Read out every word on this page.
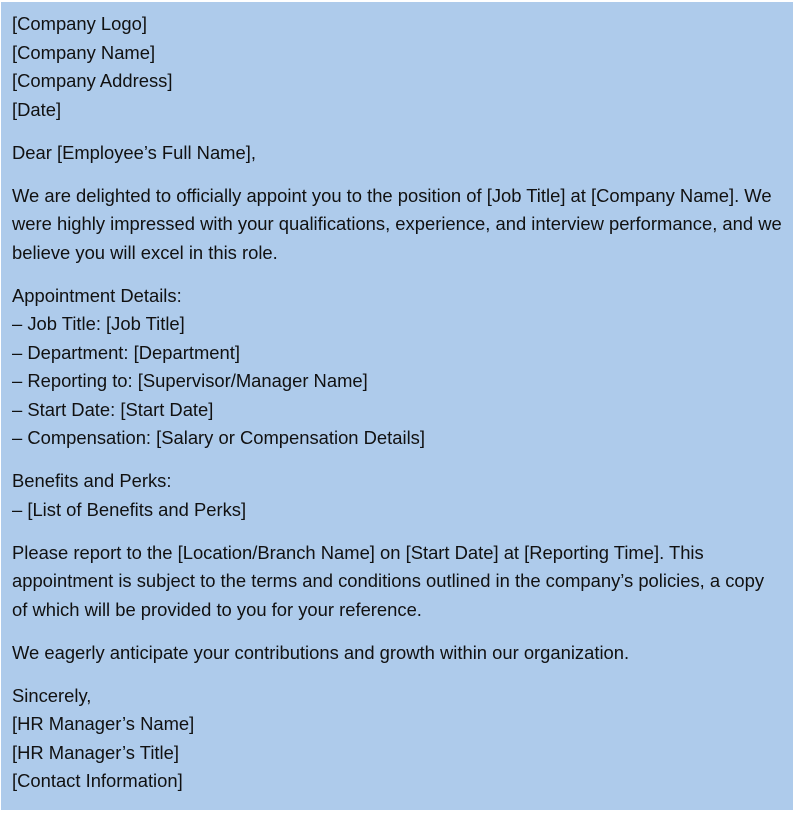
[Company Logo]
[Company Name]
[Company Address]
[Date]
Dear [Employee’s Full Name],

We are delighted to officially appoint you to the position of [Job Title] at [Company Name]. We were highly impressed with your qualifications, experience, and interview performance, and we believe you will excel in this role.

Appointment Details:
– Job Title: [Job Title]
– Department: [Department]
– Reporting to: [Supervisor/Manager Name]
– Start Date: [Start Date]
– Compensation: [Salary or Compensation Details]
Benefits and Perks:
– [List of Benefits and Perks]

Please report to the [Location/Branch Name] on [Start Date] at [Reporting Time]. This appointment is subject to the terms and conditions outlined in the company’s policies, a copy of which will be provided to you for your reference.

We eagerly anticipate your contributions and growth within our organization.

Sincerely,
[HR Manager’s Name]
[HR Manager’s Title]
[Contact Information]
